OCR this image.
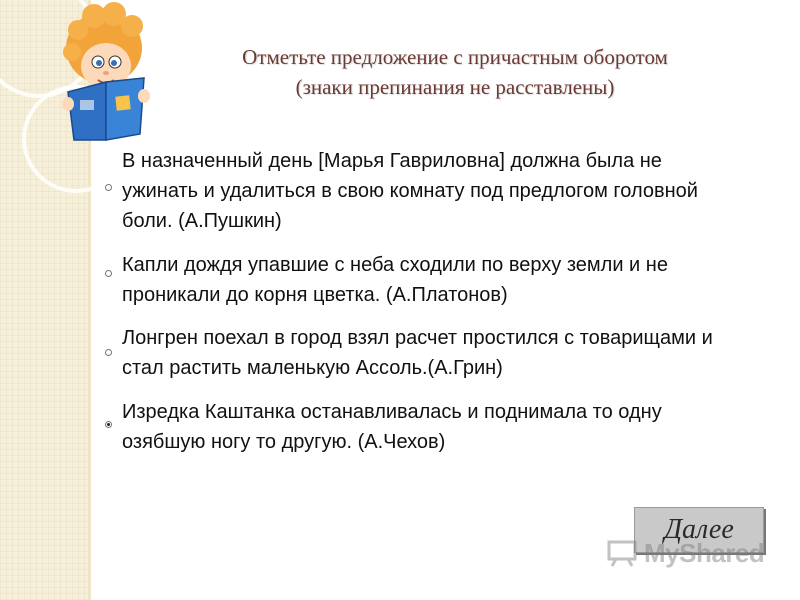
Отметьте предложение с причастным оборотом
(знаки препинания не расставлены)
В назначенный день [Марья Гавриловна] должна была не ужинать и удалиться в свою комнату под предлогом головной боли. (А.Пушкин)
Капли дождя упавшие с неба сходили по верху земли и не проникали до корня цветка. (А.Платонов)
Лонгрен поехал в город взял расчет простился с товарищами и стал растить маленькую Ассоль.(А.Грин)
Изредка Каштанка останавливалась и поднимала то одну озябшую ногу то другую. (А.Чехов)
Далее
MyShared
